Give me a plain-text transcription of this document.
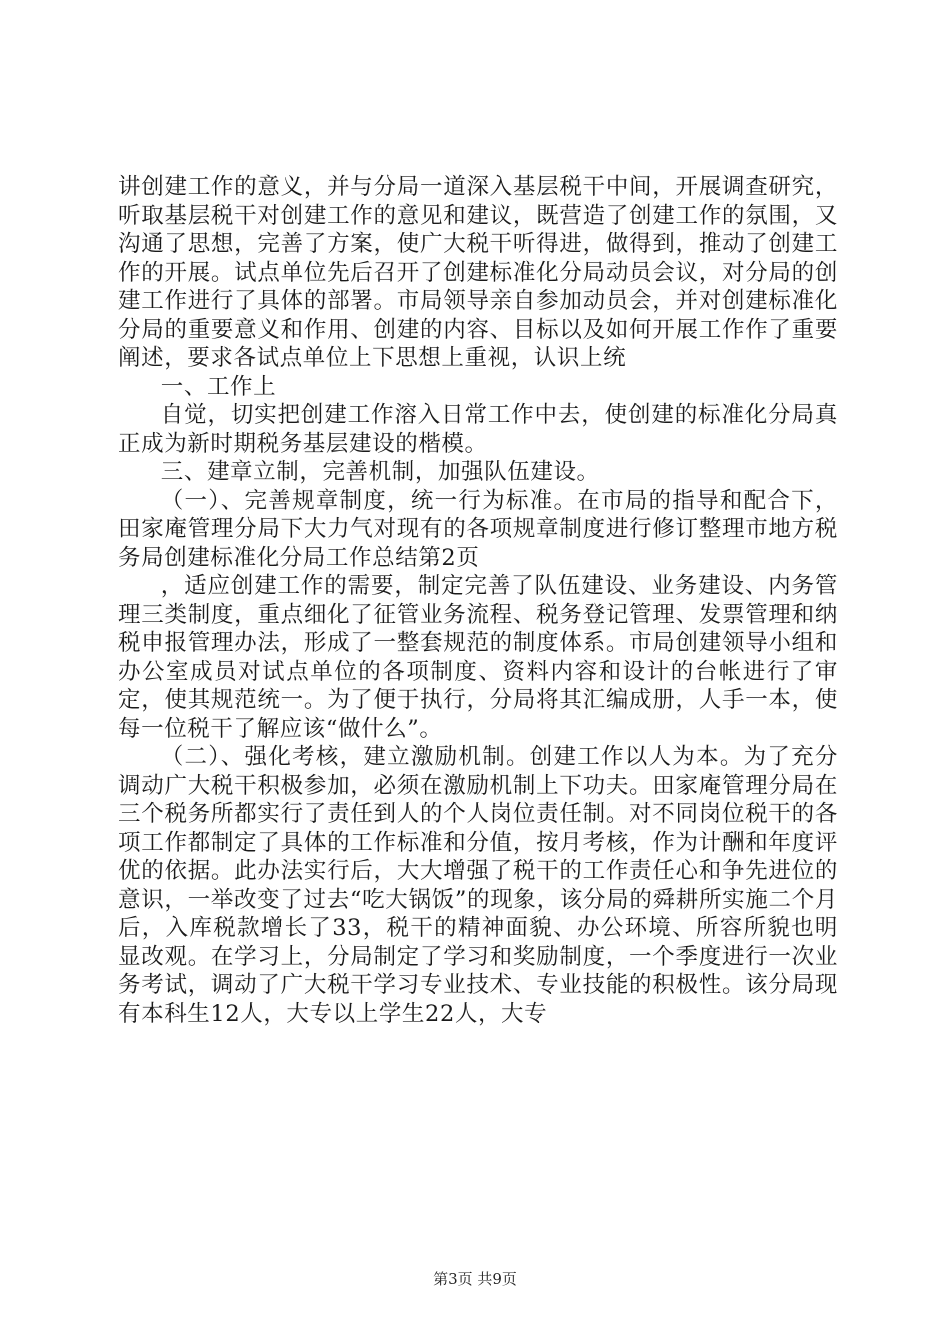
讲创建工作的意义，并与分局一道深入基层税干中间，开展调查研究，听取基层税干对创建工作的意见和建议，既营造了创建工作的氛围，又沟通了思想，完善了方案，使广大税干听得进，做得到，推动了创建工作的开展。试点单位先后召开了创建标准化分局动员会议，对分局的创建工作进行了具体的部署。市局领导亲自参加动员会，并对创建标准化分局的重要意义和作用、创建的内容、目标以及如何开展工作作了重要阐述，要求各试点单位上下思想上重视，认识上统

一、工作上

自觉，切实把创建工作溶入日常工作中去，使创建的标准化分局真正成为新时期税务基层建设的楷模。

三、建章立制，完善机制，加强队伍建设。

（一）、完善规章制度，统一行为标准。在市局的指导和配合下，田家庵管理分局下大力气对现有的各项规章制度进行修订整理市地方税务局创建标准化分局工作总结第2页

，适应创建工作的需要，制定完善了队伍建设、业务建设、内务管理三类制度，重点细化了征管业务流程、税务登记管理、发票管理和纳税申报管理办法，形成了一整套规范的制度体系。市局创建领导小组和办公室成员对试点单位的各项制度、资料内容和设计的台帐进行了审定，使其规范统一。为了便于执行，分局将其汇编成册，人手一本，使每一位税干了解应该“做什么”。

（二）、强化考核，建立激励机制。创建工作以人为本。为了充分调动广大税干积极参加，必须在激励机制上下功夫。田家庵管理分局在三个税务所都实行了责任到人的个人岗位责任制。对不同岗位税干的各项工作都制定了具体的工作标准和分值，按月考核，作为计酬和年度评优的依据。此办法实行后，大大增强了税干的工作责任心和争先进位的意识，一举改变了过去“吃大锅饭”的现象，该分局的舜耕所实施二个月后，入库税款增长了33，税干的精神面貌、办公环境、所容所貌也明显改观。在学习上，分局制定了学习和奖励制度，一个季度进行一次业务考试，调动了广大税干学习专业技术、专业技能的积极性。该分局现有本科生12人，大专以上学生22人，大专

第3页 共9页
